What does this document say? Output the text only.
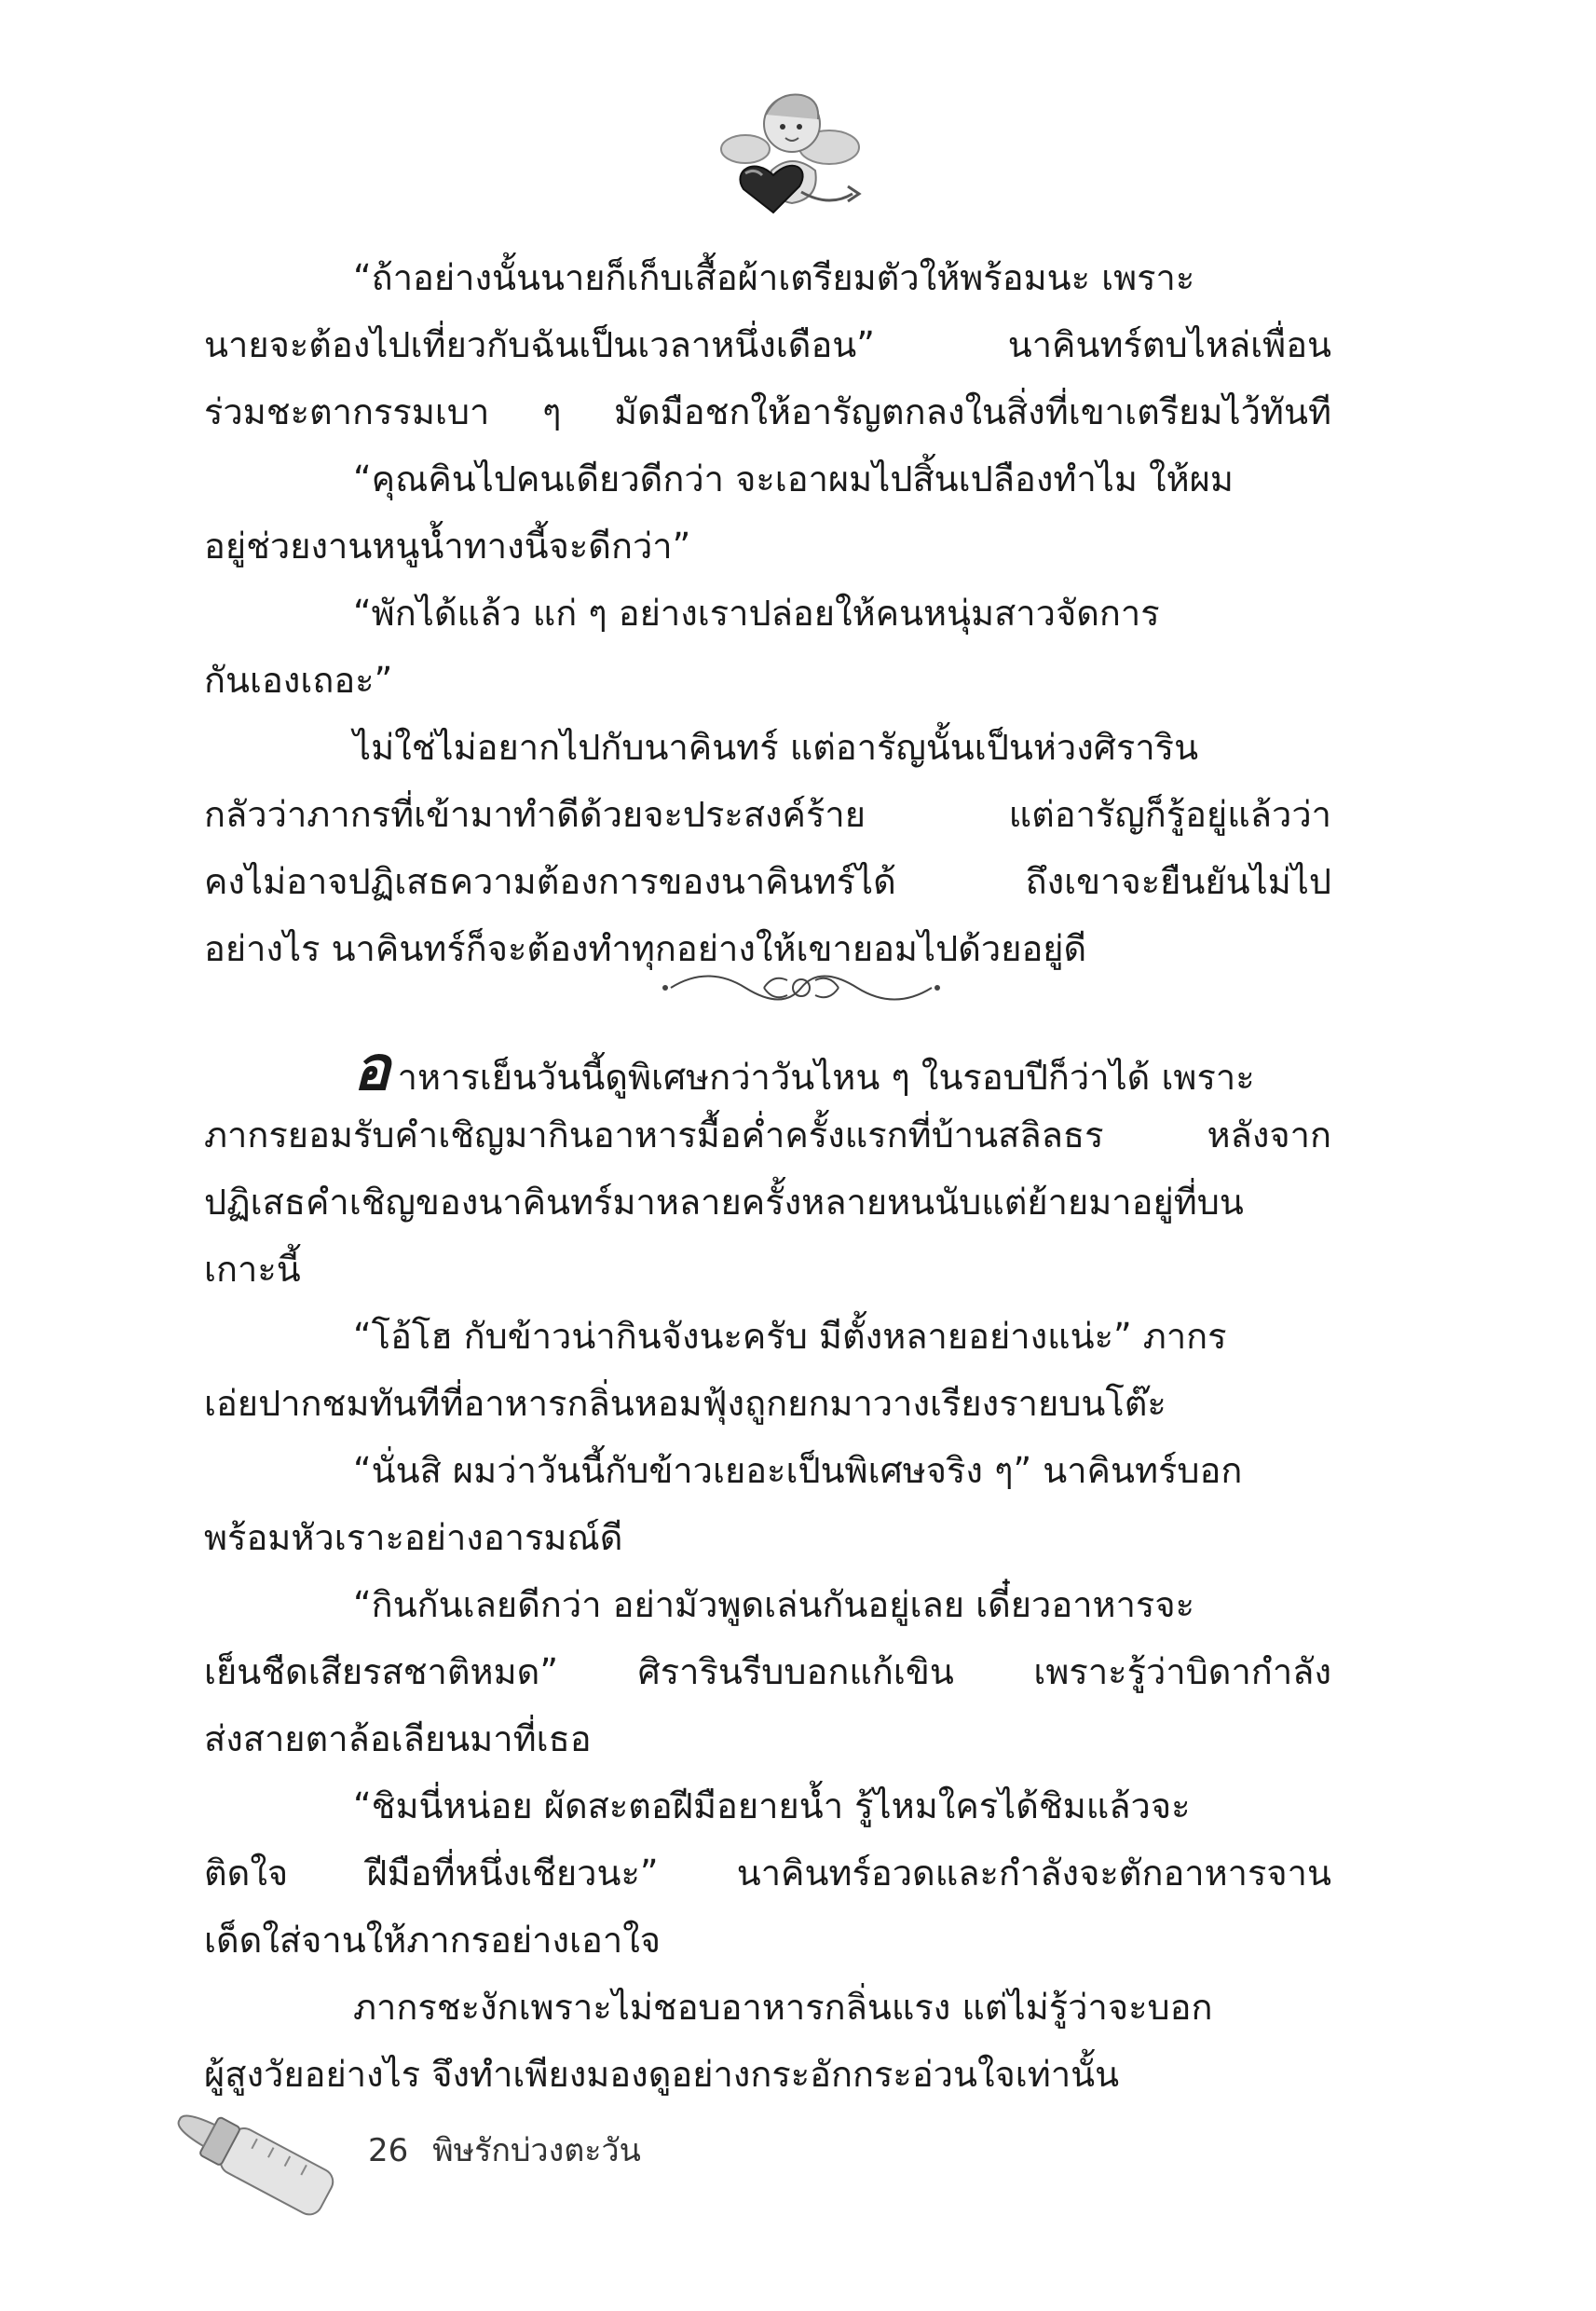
“ถ้าอย่างนั้นนายก็เก็บเสื้อผ้าเตรียมตัวให้พร้อมนะ เพราะ
นายจะต้องไปเที่ยวกับฉันเป็นเวลาหนึ่งเดือน” นาคินทร์ตบไหล่เพื่อน
ร่วมชะตากรรมเบา ๆ มัดมือชกให้อารัญตกลงในสิ่งที่เขาเตรียมไว้ทันที
“คุณคินไปคนเดียวดีกว่า จะเอาผมไปสิ้นเปลืองทำไม ให้ผม
อยู่ช่วยงานหนูน้ำทางนี้จะดีกว่า”
“พักได้แล้ว แก่ ๆ อย่างเราปล่อยให้คนหนุ่มสาวจัดการ
กันเองเถอะ”
ไม่ใช่ไม่อยากไปกับนาคินทร์ แต่อารัญนั้นเป็นห่วงศิราริน
กลัวว่าภากรที่เข้ามาทำดีด้วยจะประสงค์ร้าย แต่อารัญก็รู้อยู่แล้วว่า
คงไม่อาจปฏิเสธความต้องการของนาคินทร์ได้ ถึงเขาจะยืนยันไม่ไป
อย่างไร นาคินทร์ก็จะต้องทำทุกอย่างให้เขายอมไปด้วยอยู่ดี
อาหารเย็นวันนี้ดูพิเศษกว่าวันไหน ๆ ในรอบปีก็ว่าได้ เพราะ
ภากรยอมรับคำเชิญมากินอาหารมื้อค่ำครั้งแรกที่บ้านสลิลธร หลังจาก
ปฏิเสธคำเชิญของนาคินทร์มาหลายครั้งหลายหนนับแต่ย้ายมาอยู่ที่บน
เกาะนี้
“โอ้โฮ กับข้าวน่ากินจังนะครับ มีตั้งหลายอย่างแน่ะ” ภากร
เอ่ยปากชมทันทีที่อาหารกลิ่นหอมฟุ้งถูกยกมาวางเรียงรายบนโต๊ะ
“นั่นสิ ผมว่าวันนี้กับข้าวเยอะเป็นพิเศษจริง ๆ” นาคินทร์บอก
พร้อมหัวเราะอย่างอารมณ์ดี
“กินกันเลยดีกว่า อย่ามัวพูดเล่นกันอยู่เลย เดี๋ยวอาหารจะ
เย็นชืดเสียรสชาติหมด” ศิรารินรีบบอกแก้เขิน เพราะรู้ว่าบิดากำลัง
ส่งสายตาล้อเลียนมาที่เธอ
“ชิมนี่หน่อย ผัดสะตอฝีมือยายน้ำ รู้ไหมใครได้ชิมแล้วจะ
ติดใจ ฝีมือที่หนึ่งเชียวนะ” นาคินทร์อวดและกำลังจะตักอาหารจาน
เด็ดใส่จานให้ภากรอย่างเอาใจ
ภากรชะงักเพราะไม่ชอบอาหารกลิ่นแรง แต่ไม่รู้ว่าจะบอก
ผู้สูงวัยอย่างไร จึงทำเพียงมองดูอย่างกระอักกระอ่วนใจเท่านั้น
26 พิษรักบ่วงตะวัน
